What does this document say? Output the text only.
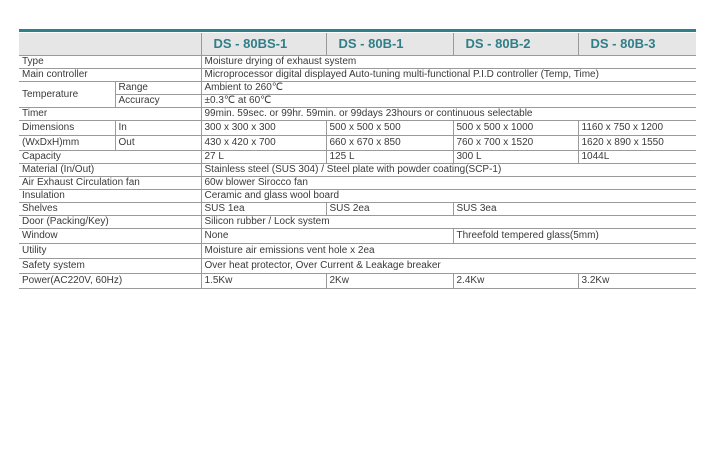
		DS - 80BS-1	DS - 80B-1	DS - 80B-2	DS - 80B-3
Type		Moisture drying of exhaust system			
Main controller		Microprocessor digital displayed Auto-tuning multi-functional P.I.D controller (Temp, Time)			
Temperature	Range	Ambient to 260℃			
	Accuracy	±0.3℃ at 60℃			
Timer		99min. 59sec. or 99hr. 59min. or 99days 23hours or continuous selectable			
Dimensions	In	300 x 300 x 300	500 x 500 x 500	500 x 500 x 1000	1160 x 750 x 1200
(WxDxH)mm	Out	430 x 420 x 700	660 x 670 x 850	760 x 700 x 1520	1620 x 890 x 1550
Capacity		27 L	125 L	300 L	1044L
Material (In/Out)		Stainless steel (SUS 304) / Steel plate with powder coating(SCP-1)			
Air Exhaust Circulation fan		60w blower Sirocco fan			
Insulation		Ceramic and glass wool board			
Shelves		SUS 1ea	SUS 2ea	SUS 3ea	
Door (Packing/Key)		Silicon rubber / Lock system			
Window		None		Threefold tempered glass(5mm)	
Utility		Moisture air emissions vent hole x 2ea			
Safety system		Over heat protector, Over Current & Leakage breaker			
Power(AC220V, 60Hz)		1.5Kw	2Kw	2.4Kw	3.2Kw
